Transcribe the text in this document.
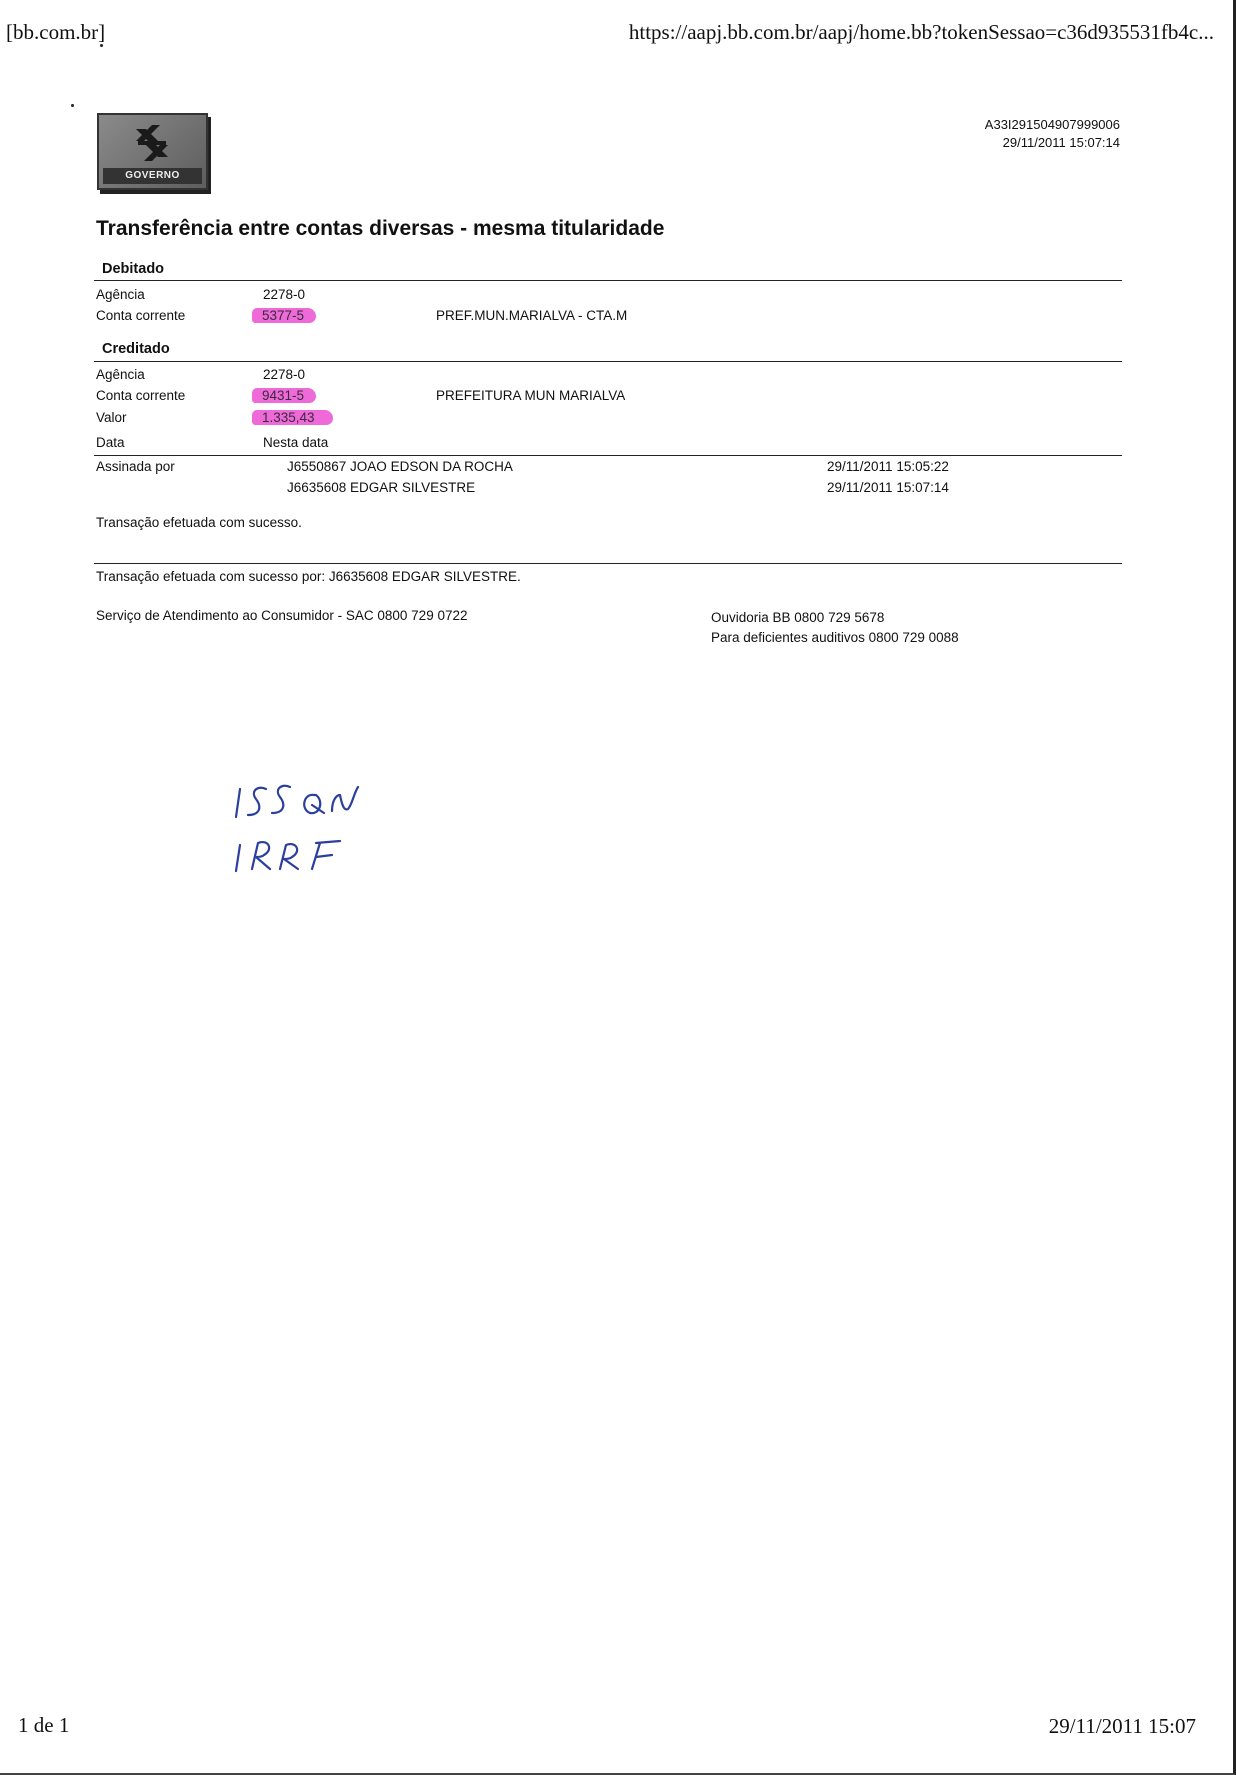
[bb.com.br]	https://aapj.bb.com.br/aapj/home.bb?tokenSessao=c36d935531fb4c...
GOVERNO
A33I291504907999006
29/11/2011 15:07:14
Transferência entre contas diversas - mesma titularidade
Debitado
Agência	2278-0
Conta corrente	5377-5	PREF.MUN.MARIALVA - CTA.M
Creditado
Agência	2278-0
Conta corrente	9431-5	PREFEITURA MUN MARIALVA
Valor	1.335,43
Data	Nesta data
Assinada por	J6550867 JOAO EDSON DA ROCHA	29/11/2011 15:05:22
J6635608 EDGAR SILVESTRE	29/11/2011 15:07:14
Transação efetuada com sucesso.
Transação efetuada com sucesso por: J6635608 EDGAR SILVESTRE.
Serviço de Atendimento ao Consumidor - SAC 0800 729 0722	Ouvidoria BB 0800 729 5678
Para deficientes auditivos 0800 729 0088
1 de 1	29/11/2011 15:07
